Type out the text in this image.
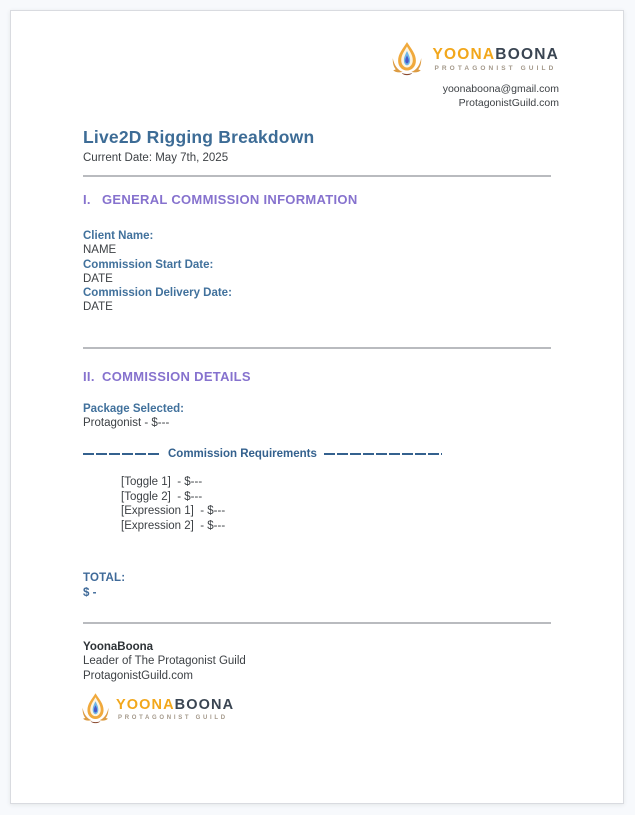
YOONABOONA
PROTAGONIST GUILD
yoonaboona@gmail.com
ProtagonistGuild.com
Live2D Rigging Breakdown
Current Date: May 7th, 2025
I. GENERAL COMMISSION INFORMATION
Client Name:
NAME
Commission Start Date:
DATE
Commission Delivery Date:
DATE
II. COMMISSION DETAILS
Package Selected:
Protagonist - $---
Commission Requirements
[Toggle 1]  - $---
[Toggle 2]  - $---
[Expression 1]  - $---
[Expression 2]  - $---
TOTAL:
$ -
YoonaBoona
Leader of The Protagonist Guild
ProtagonistGuild.com
YOONABOONA
PROTAGONIST GUILD
